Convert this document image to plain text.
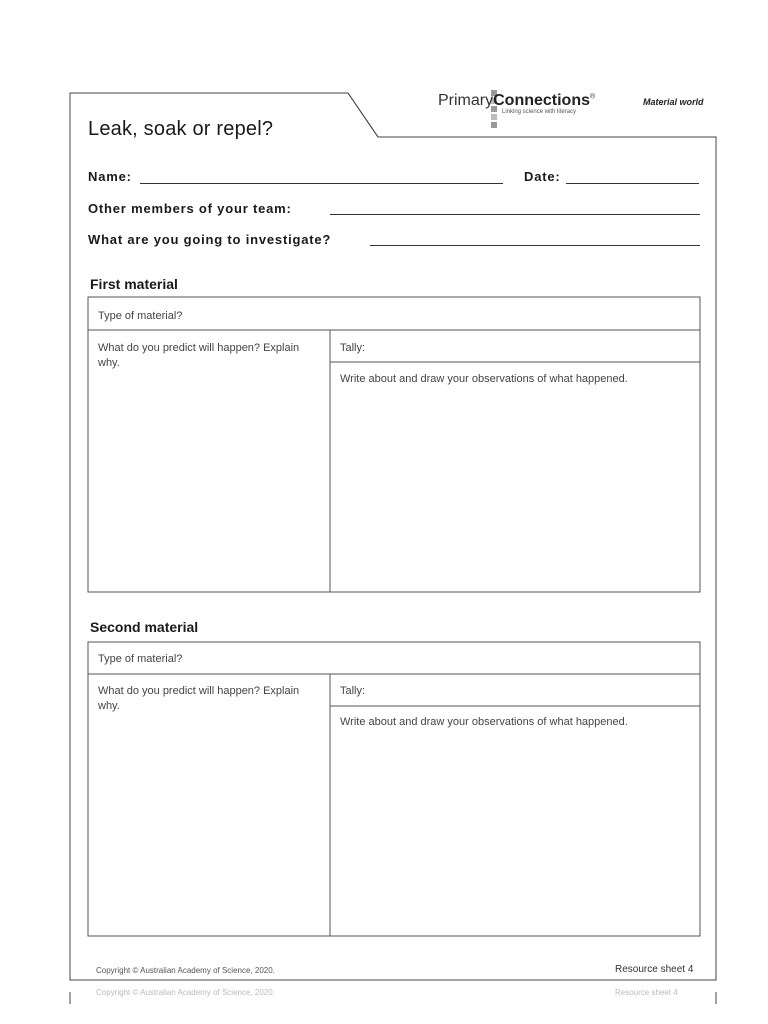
Leak, soak or repel?
PrimaryConnections®
Linking science with literacy
Material world
Name:	Date:
Other members of your team:
What are you going to investigate?
First material
Type of material?
What do you predict will happen? Explain why.
Tally:
Write about and draw your observations of what happened.
Second material
Type of material?
What do you predict will happen? Explain why.
Tally:
Write about and draw your observations of what happened.
Copyright © Australian Academy of Science, 2020.	Resource sheet 4
Copyright © Australian Academy of Science, 2020.	Resource sheet 4
